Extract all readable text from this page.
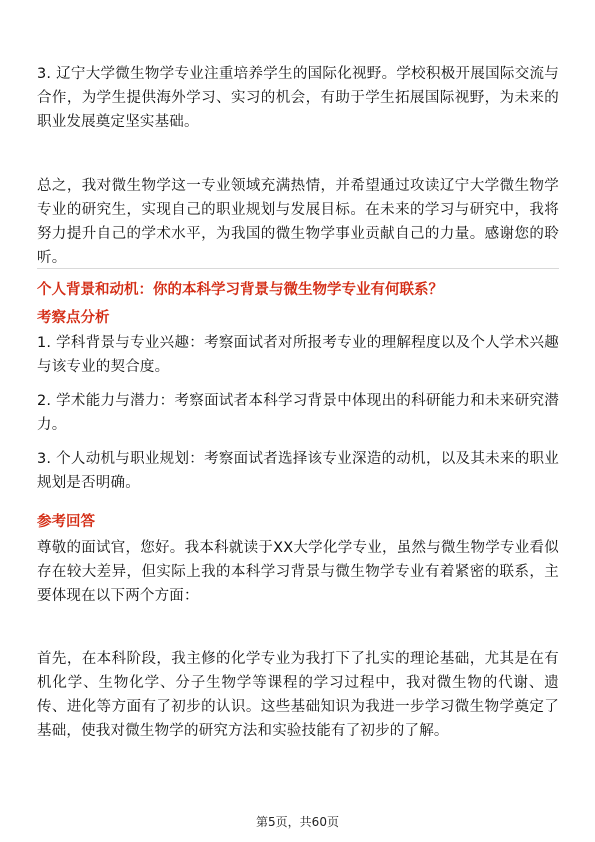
3. 辽宁大学微生物学专业注重培养学生的国际化视野。学校积极开展国际交流与合作，为学生提供海外学习、实习的机会，有助于学生拓展国际视野，为未来的职业发展奠定坚实基础。

总之，我对微生物学这一专业领域充满热情，并希望通过攻读辽宁大学微生物学专业的研究生，实现自己的职业规划与发展目标。在未来的学习与研究中，我将努力提升自己的学术水平，为我国的微生物学事业贡献自己的力量。感谢您的聆听。

个人背景和动机：你的本科学习背景与微生物学专业有何联系？

考察点分析

1. 学科背景与专业兴趣：考察面试者对所报考专业的理解程度以及个人学术兴趣与该专业的契合度。

2. 学术能力与潜力：考察面试者本科学习背景中体现出的科研能力和未来研究潜力。

3. 个人动机与职业规划：考察面试者选择该专业深造的动机，以及其未来的职业规划是否明确。

参考回答

尊敬的面试官，您好。我本科就读于XX大学化学专业，虽然与微生物学专业看似存在较大差异，但实际上我的本科学习背景与微生物学专业有着紧密的联系，主要体现在以下两个方面：

首先，在本科阶段，我主修的化学专业为我打下了扎实的理论基础，尤其是在有机化学、生物化学、分子生物学等课程的学习过程中，我对微生物的代谢、遗传、进化等方面有了初步的认识。这些基础知识为我进一步学习微生物学奠定了基础，使我对微生物学的研究方法和实验技能有了初步的了解。

第5页，共60页
